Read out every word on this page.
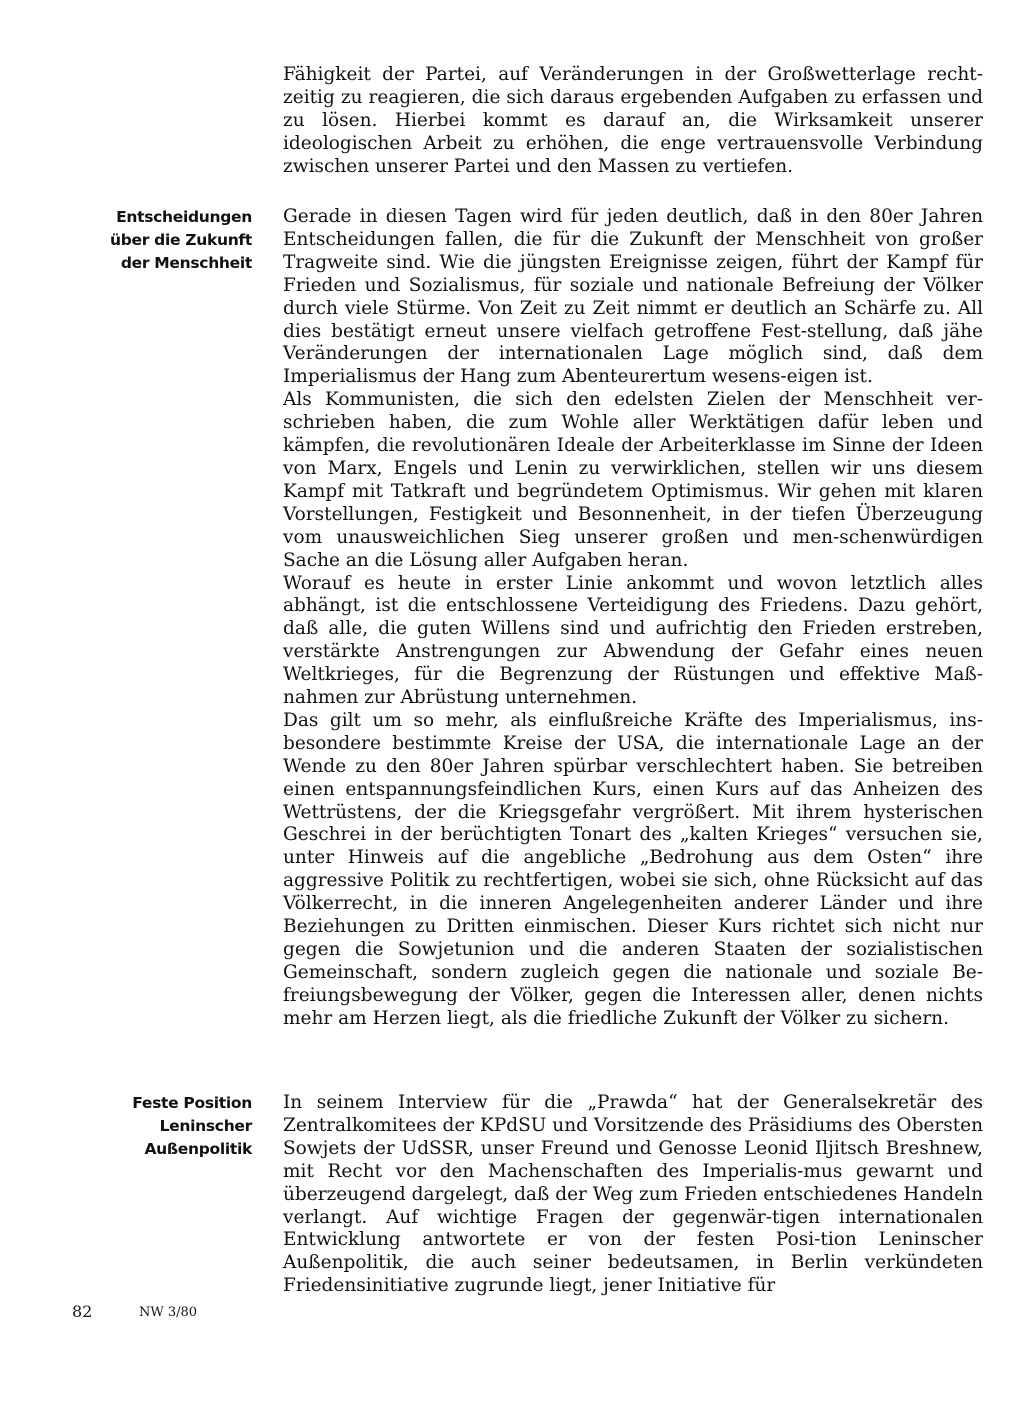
Fähigkeit der Partei, auf Veränderungen in der Großwetterlage recht-zeitig zu reagieren, die sich daraus ergebenden Aufgaben zu erfassen und zu lösen. Hierbei kommt es darauf an, die Wirksamkeit unserer ideologischen Arbeit zu erhöhen, die enge vertrauensvolle Verbindung zwischen unserer Partei und den Massen zu vertiefen.

Entscheidungen
über die Zukunft
der Menschheit

Gerade in diesen Tagen wird für jeden deutlich, daß in den 80er Jahren Entscheidungen fallen, die für die Zukunft der Menschheit von großer Tragweite sind. Wie die jüngsten Ereignisse zeigen, führt der Kampf für Frieden und Sozialismus, für soziale und nationale Befreiung der Völker durch viele Stürme. Von Zeit zu Zeit nimmt er deutlich an Schärfe zu. All dies bestätigt erneut unsere vielfach getroffene Fest-stellung, daß jähe Veränderungen der internationalen Lage möglich sind, daß dem Imperialismus der Hang zum Abenteurertum wesens-eigen ist.

Als Kommunisten, die sich den edelsten Zielen der Menschheit ver-schrieben haben, die zum Wohle aller Werktätigen dafür leben und kämpfen, die revolutionären Ideale der Arbeiterklasse im Sinne der Ideen von Marx, Engels und Lenin zu verwirklichen, stellen wir uns diesem Kampf mit Tatkraft und begründetem Optimismus. Wir gehen mit klaren Vorstellungen, Festigkeit und Besonnenheit, in der tiefen Überzeugung vom unausweichlichen Sieg unserer großen und men-schenwürdigen Sache an die Lösung aller Aufgaben heran.

Worauf es heute in erster Linie ankommt und wovon letztlich alles abhängt, ist die entschlossene Verteidigung des Friedens. Dazu gehört, daß alle, die guten Willens sind und aufrichtig den Frieden erstreben, verstärkte Anstrengungen zur Abwendung der Gefahr eines neuen Weltkrieges, für die Begrenzung der Rüstungen und effektive Maß-nahmen zur Abrüstung unternehmen.

Das gilt um so mehr, als einflußreiche Kräfte des Imperialismus, ins-besondere bestimmte Kreise der USA, die internationale Lage an der Wende zu den 80er Jahren spürbar verschlechtert haben. Sie betreiben einen entspannungsfeindlichen Kurs, einen Kurs auf das Anheizen des Wettrüstens, der die Kriegsgefahr vergrößert. Mit ihrem hysterischen Geschrei in der berüchtigten Tonart des „kalten Krieges“ versuchen sie, unter Hinweis auf die angebliche „Bedrohung aus dem Osten“ ihre aggressive Politik zu rechtfertigen, wobei sie sich, ohne Rücksicht auf das Völkerrecht, in die inneren Angelegenheiten anderer Länder und ihre Beziehungen zu Dritten einmischen. Dieser Kurs richtet sich nicht nur gegen die Sowjetunion und die anderen Staaten der sozialistischen Gemeinschaft, sondern zugleich gegen die nationale und soziale Be-freiungsbewegung der Völker, gegen die Interessen aller, denen nichts mehr am Herzen liegt, als die friedliche Zukunft der Völker zu sichern.

Feste Position
Leninscher
Außenpolitik

In seinem Interview für die „Prawda“ hat der Generalsekretär des Zentralkomitees der KPdSU und Vorsitzende des Präsidiums des Obersten Sowjets der UdSSR, unser Freund und Genosse Leonid Iljitsch Breshnew, mit Recht vor den Machenschaften des Imperialis-mus gewarnt und überzeugend dargelegt, daß der Weg zum Frieden entschiedenes Handeln verlangt. Auf wichtige Fragen der gegenwär-tigen internationalen Entwicklung antwortete er von der festen Posi-tion Leninscher Außenpolitik, die auch seiner bedeutsamen, in Berlin verkündeten Friedensinitiative zugrunde liegt, jener Initiative für

82	NW 3/80
